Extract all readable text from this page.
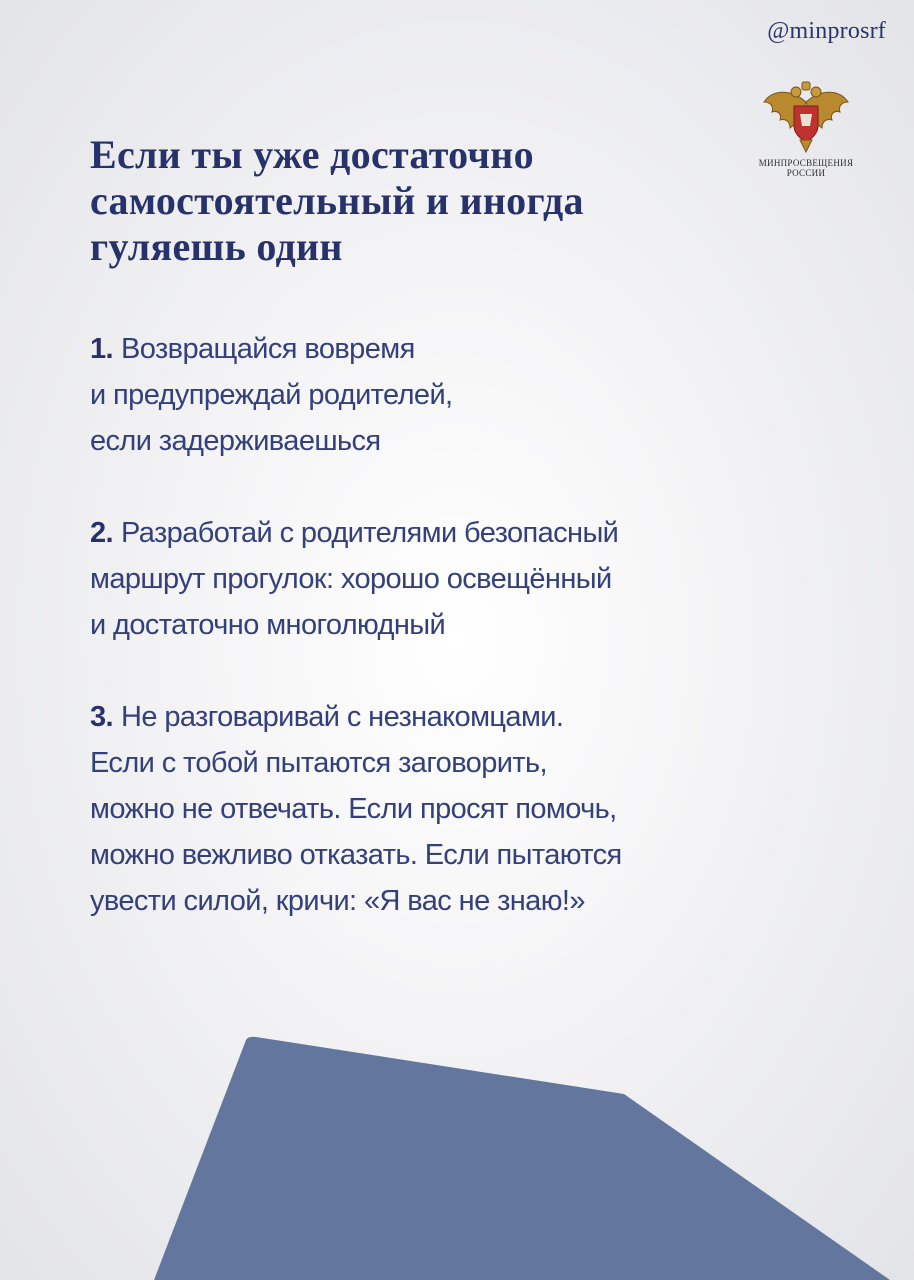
@minprosrf
МИНПРОСВЕЩЕНИЯ
РОССИИ
Если ты уже достаточно
самостоятельный и иногда
гуляешь один

1. Возвращайся вовремя
и предупреждай родителей,
если задерживаешься

2. Разработай с родителями безопасный
маршрут прогулок: хорошо освещённый
и достаточно многолюдный

3. Не разговаривай с незнакомцами.
Если с тобой пытаются заговорить,
можно не отвечать. Если просят помочь,
можно вежливо отказать. Если пытаются
увести силой, кричи: «Я вас не знаю!»
